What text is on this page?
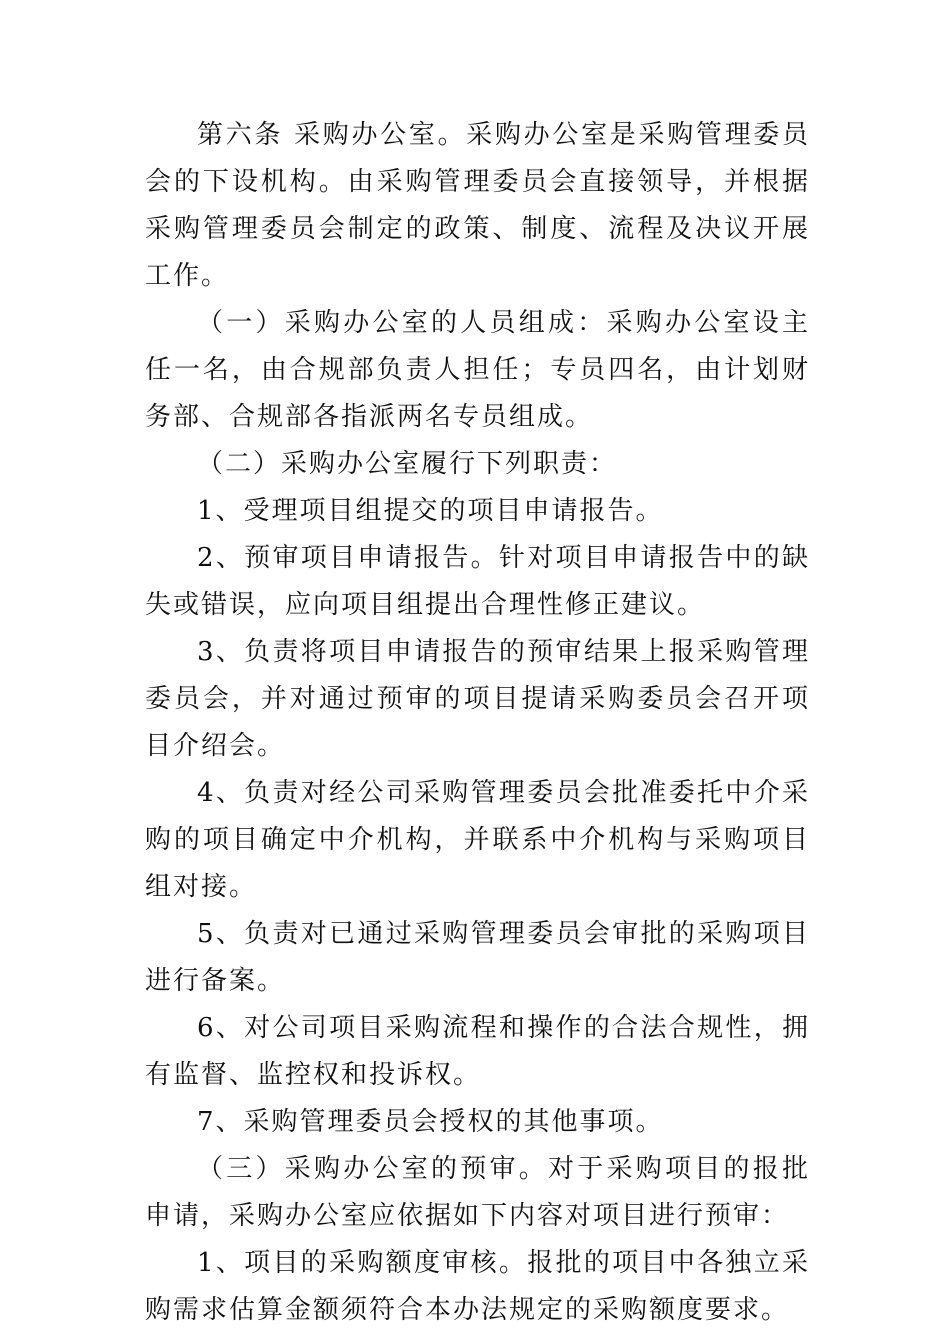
第六条 采购办公室。采购办公室是采购管理委员会的下设机构。由采购管理委员会直接领导，并根据采购管理委员会制定的政策、制度、流程及决议开展工作。

（一）采购办公室的人员组成：采购办公室设主任一名，由合规部负责人担任；专员四名，由计划财务部、合规部各指派两名专员组成。

（二）采购办公室履行下列职责：

1、受理项目组提交的项目申请报告。

2、预审项目申请报告。针对项目申请报告中的缺失或错误，应向项目组提出合理性修正建议。

3、负责将项目申请报告的预审结果上报采购管理委员会，并对通过预审的项目提请采购委员会召开项目介绍会。

4、负责对经公司采购管理委员会批准委托中介采购的项目确定中介机构，并联系中介机构与采购项目组对接。

5、负责对已通过采购管理委员会审批的采购项目进行备案。

6、对公司项目采购流程和操作的合法合规性，拥有监督、监控权和投诉权。

7、采购管理委员会授权的其他事项。

（三）采购办公室的预审。对于采购项目的报批申请，采购办公室应依据如下内容对项目进行预审：

1、项目的采购额度审核。报批的项目中各独立采购需求估算金额须符合本办法规定的采购额度要求。
